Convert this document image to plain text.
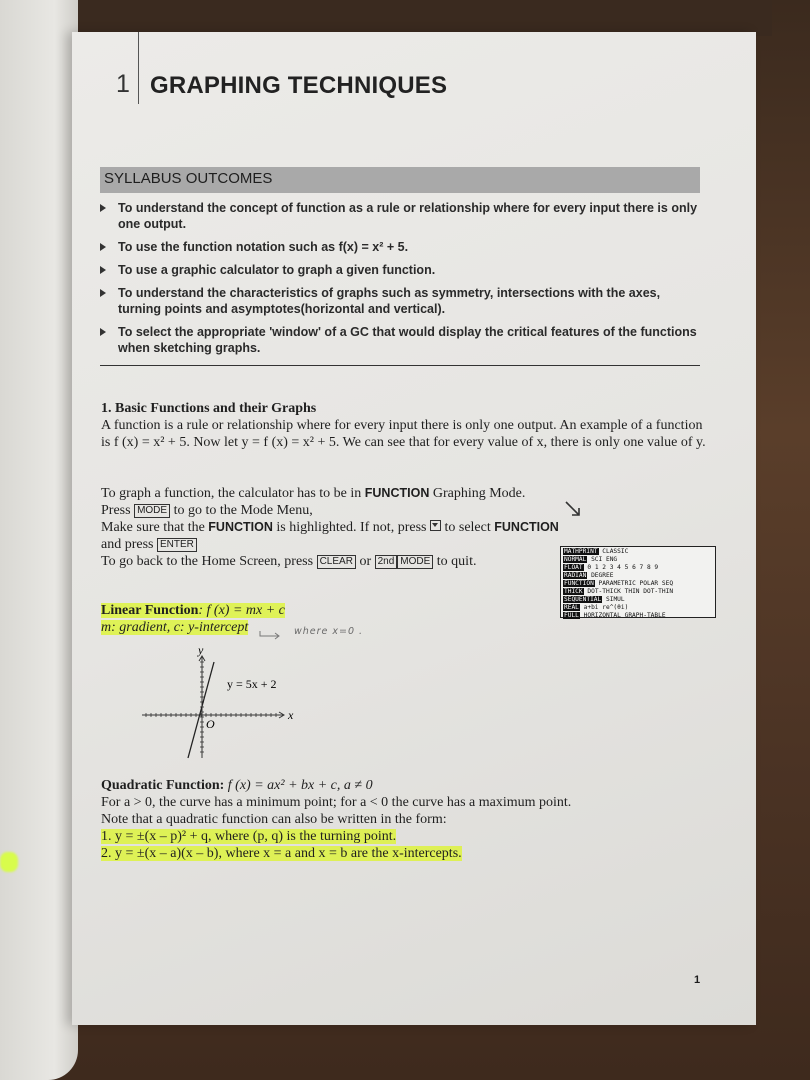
1 GRAPHING TECHNIQUES
SYLLABUS OUTCOMES
To understand the concept of function as a rule or relationship where for every input there is only one output.
To use the function notation such as f(x) = x² + 5.
To use a graphic calculator to graph a given function.
To understand the characteristics of graphs such as symmetry, intersections with the axes, turning points and asymptotes(horizontal and vertical).
To select the appropriate 'window' of a GC that would display the critical features of the functions when sketching graphs.
1. Basic Functions and their Graphs
A function is a rule or relationship where for every input there is only one output. An example of a function is f (x) = x² + 5. Now let y = f (x) = x² + 5. We can see that for every value of x, there is only one value of y.
To graph a function, the calculator has to be in FUNCTION Graphing Mode.
Press MODE to go to the Mode Menu,
Make sure that the FUNCTION is highlighted. If not, press  to select FUNCTION
and press ENTER
To go back to the Home Screen, press CLEAR or 2nd MODE to quit.
MATHPRINT CLASSIC
NORMAL SCI ENG
FLOAT 0 1 2 3 4 5 6 7 8 9
RADIAN DEGREE
FUNCTION PARAMETRIC POLAR SEQ
THICK DOT-THICK THIN DOT-THIN
SEQUENTIAL SIMUL
REAL a+bi re^(θi)
FULL HORIZONTAL GRAPH-TABLE
Linear Function: f (x) = mx + c
m: gradient, c: y-intercept	where x=0 .
y
x
O
y = 5x + 2
Quadratic Function: f (x) = ax² + bx + c, a ≠ 0
For a > 0, the curve has a minimum point; for a < 0 the curve has a maximum point.
Note that a quadratic function can also be written in the form:
1. y = ±(x – p)² + q, where (p, q) is the turning point.
2. y = ±(x – a)(x – b), where x = a and x = b are the x-intercepts.
1
